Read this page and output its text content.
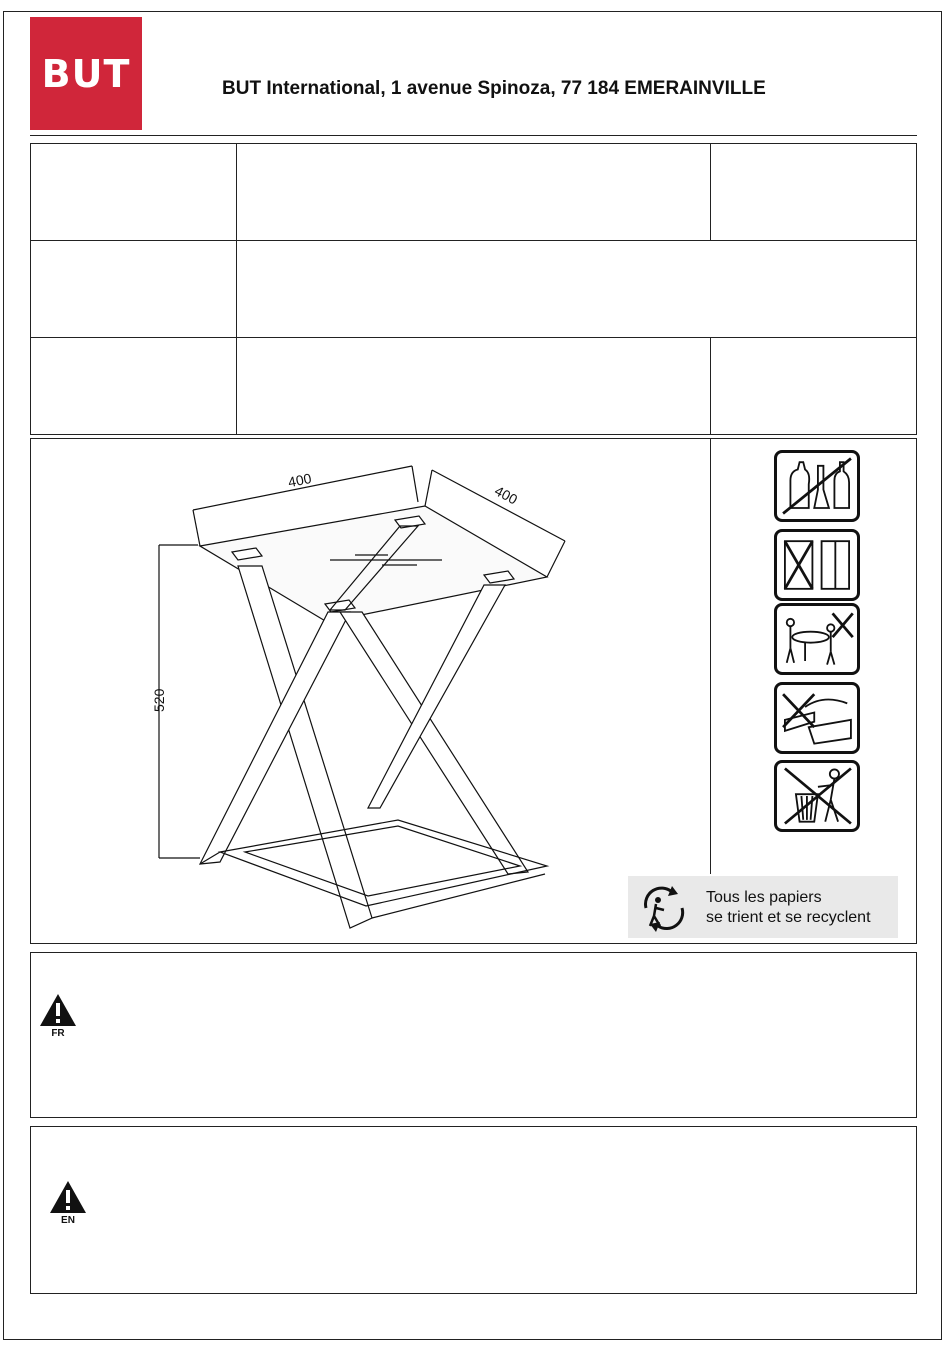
BUT	BUT International, 1 avenue Spinoza, 77 184 EMERAINVILLE
400
400
520
Tous les papiers
se trient et se recyclent
FR
EN
